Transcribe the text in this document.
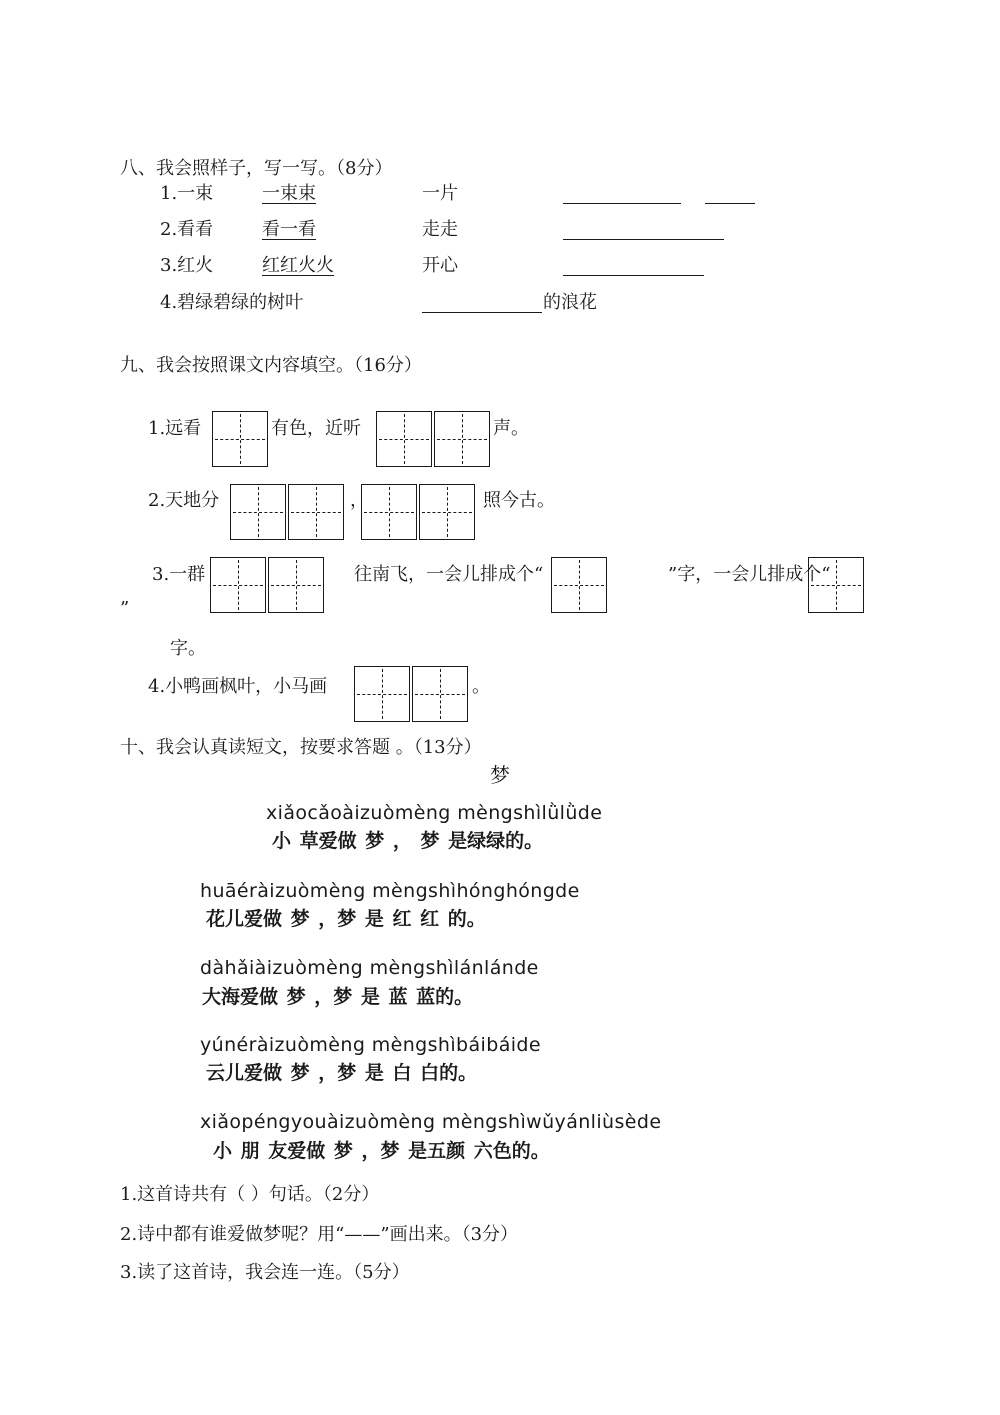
八、我会照样子，写一写。（8分）
1.一束	一束束	一片
2.看看	看一看	走走
3.红火	红红火火	开心
4.碧绿碧绿的树叶	的浪花
九、我会按照课文内容填空。（16分）
1.远看	有色，近听	声。
2.天地分	，	照今古。
3.一群	往南飞，一会儿排成个“	”字，一会儿排成个“
”
字。
4.小鸭画枫叶，小马画	。
十、我会认真读短文，按要求答题 。（13分）
梦
xiǎocǎoàizuòmèng mèngshìlǜlǜde
小 草爱做 梦 ， 梦 是绿绿的。
huāéràizuòmèng mèngshìhónghóngde
花儿爱做 梦 ，梦 是 红 红 的。
dàhǎiàizuòmèng mèngshìlánlánde
大海爱做 梦 ，梦 是 蓝 蓝的。
yúnéràizuòmèng mèngshìbáibáide
云儿爱做 梦 ，梦 是 白 白的。
xiǎopéngyouàizuòmèng mèngshìwǔyánliùsède
小 朋 友爱做 梦 ，梦 是五颜 六色的。
1.这首诗共有（ ）句话。（2分）
2.诗中都有谁爱做梦呢？用“——”画出来。（3分）
3.读了这首诗，我会连一连。（5分）
